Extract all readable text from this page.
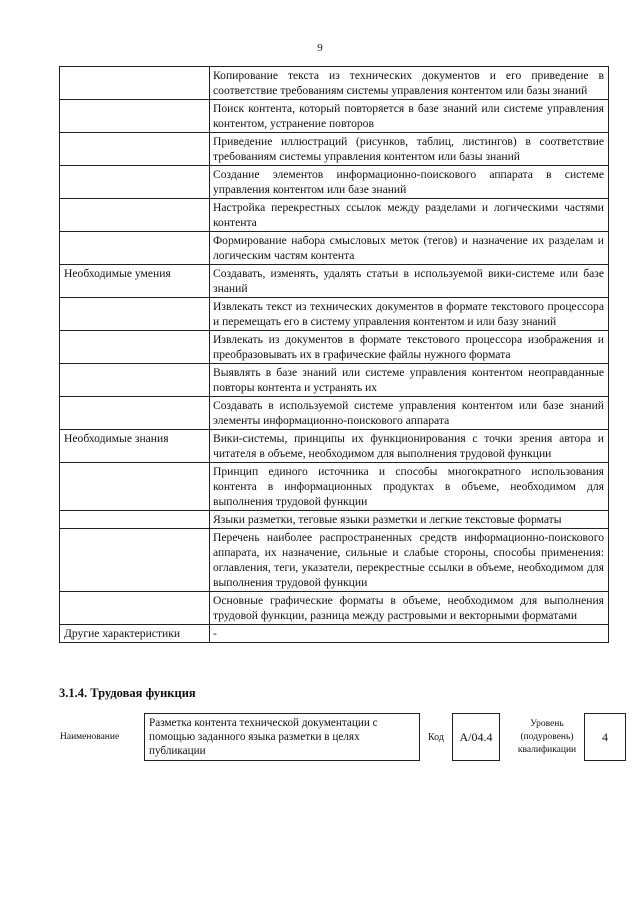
9
	Копирование текста из технических документов и его приведение в соответствие требованиям системы управления контентом или базы знаний
	Поиск контента, который повторяется в базе знаний или системе управления контентом, устранение повторов
	Приведение иллюстраций (рисунков, таблиц, листингов) в соответствие требованиям системы управления контентом или базы знаний
	Создание элементов информационно-поискового аппарата в системе управления контентом или базе знаний
	Настройка перекрестных ссылок между разделами и логическими частями контента
	Формирование набора смысловых меток (тегов) и назначение их разделам и логическим частям контента
Необходимые умения	Создавать, изменять, удалять статьи в используемой вики-системе или базе знаний
	Извлекать текст из технических документов в формате текстового процессора и перемещать его в систему управления контентом и или базу знаний
	Извлекать из документов в формате текстового процессора изображения и преобразовывать их в графические файлы нужного формата
	Выявлять в базе знаний или системе управления контентом неоправданные повторы контента и устранять их
	Создавать в используемой системе управления контентом или базе знаний элементы информационно-поискового аппарата
Необходимые знания	Вики-системы, принципы их функционирования с точки зрения автора и читателя в объеме, необходимом для выполнения трудовой функции
	Принцип единого источника и способы многократного использования контента в информационных продуктах в объеме, необходимом для выполнения трудовой функции
	Языки разметки, теговые языки разметки и легкие текстовые форматы
	Перечень наиболее распространенных средств информационно-поискового аппарата, их назначение, сильные и слабые стороны, способы применения: оглавления, теги, указатели, перекрестные ссылки в объеме, необходимом для выполнения трудовой функции
	Основные графические форматы в объеме, необходимом для выполнения трудовой функции, разница между растровыми и векторными форматами
Другие характеристики	-
3.1.4. Трудовая функция
Наименование	Разметка контента технической документации с помощью заданного языка разметки в целях публикации	Код	A/04.4		Уровень (подуровень) квалификации	4
